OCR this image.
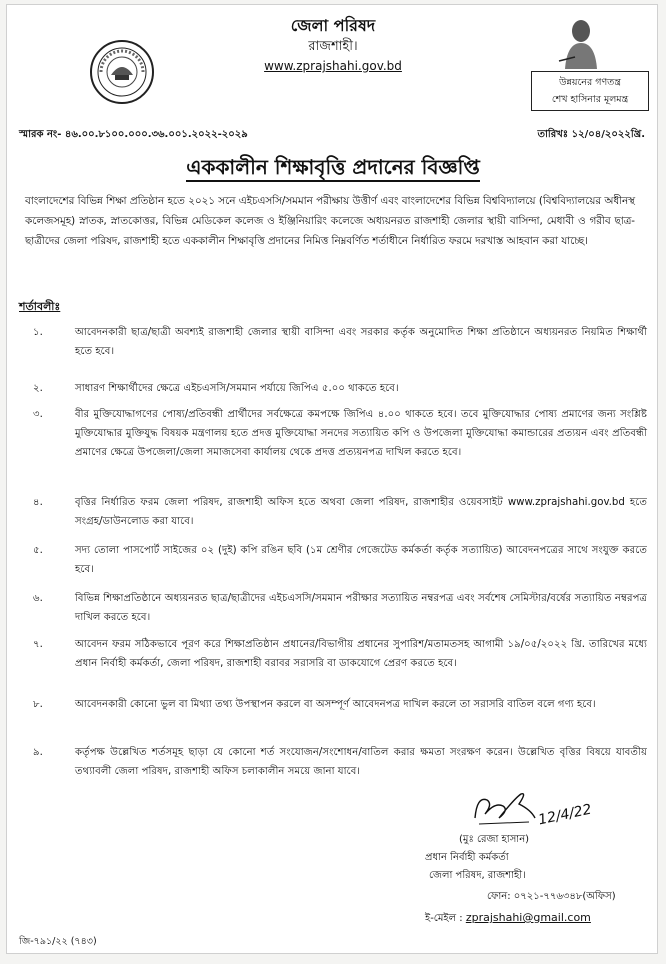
জেলা পরিষদ
রাজশাহী।
www.zprajshahi.gov.bd
উন্নয়নের গণতন্ত্র
শেখ হাসিনার মূলমন্ত্র
স্মারক নং- ৪৬.০০.৮১০০.০০০.৩৬.০০১.২০২২-২০২৯	তারিখঃ ১২/০৪/২০২২খ্রি.
এককালীন শিক্ষাবৃত্তি প্রদানের বিজ্ঞপ্তি
বাংলাদেশের বিভিন্ন শিক্ষা প্রতিষ্ঠান হতে ২০২১ সনে এইচএসসি/সমমান পরীক্ষায় উত্তীর্ণ এবং বাংলাদেশের বিভিন্ন বিশ্ববিদ্যালয়ে (বিশ্ববিদ্যালয়ের অধীনস্থ কলেজসমূহ) স্নাতক, স্নাতকোত্তর, বিভিন্ন মেডিকেল কলেজ ও ইঞ্জিনিয়ারিং কলেজে অধ্যয়নরত রাজশাহী জেলার স্থায়ী বাসিন্দা, মেধাবী ও গরীব ছাত্র-ছাত্রীদের জেলা পরিষদ, রাজশাহী হতে এককালীন শিক্ষাবৃত্তি প্রদানের নিমিত্ত নিম্নবর্ণিত শর্তাধীনে নির্ধারিত ফরমে দরখাস্ত আহবান করা যাচ্ছে।
শর্তাবলীঃ
১.	আবেদনকারী ছাত্র/ছাত্রী অবশ্যই রাজশাহী জেলার স্থায়ী বাসিন্দা এবং সরকার কর্তৃক অনুমোদিত শিক্ষা প্রতিষ্ঠানে অধ্যয়নরত নিয়মিত শিক্ষার্থী হতে হবে।
২.	সাধারণ শিক্ষার্থীদের ক্ষেত্রে এইচএসসি/সমমান পর্যায়ে জিপিএ ৫.০০ থাকতে হবে।
৩.	বীর মুক্তিযোদ্ধাগণের পোষ্য/প্রতিবন্ধী প্রার্থীদের সর্বক্ষেত্রে কমপক্ষে জিপিএ ৪.০০ থাকতে হবে। তবে মুক্তিযোদ্ধার পোষ্য প্রমাণের জন্য সংশ্লিষ্ট মুক্তিযোদ্ধার মুক্তিযুদ্ধ বিষয়ক মন্ত্রণালয় হতে প্রদত্ত মুক্তিযোদ্ধা সনদের সত্যায়িত কপি ও উপজেলা মুক্তিযোদ্ধা কমান্ডারের প্রত্যয়ন এবং প্রতিবন্ধী প্রমাণের ক্ষেত্রে উপজেলা/জেলা সমাজসেবা কার্যালয় থেকে প্রদত্ত প্রত্যয়নপত্র দাখিল করতে হবে।
৪.	বৃত্তির নির্ধারিত ফরম জেলা পরিষদ, রাজশাহী অফিস হতে অথবা জেলা পরিষদ, রাজশাহীর ওয়েবসাইট www.zprajshahi.gov.bd হতে সংগ্রহ/ডাউনলোড করা যাবে।
৫.	সদ্য তোলা পাসপোর্ট সাইজের ০২ (দুই) কপি রঙিন ছবি (১ম শ্রেণীর গেজেটেড কর্মকর্তা কর্তৃক সত্যায়িত) আবেদনপত্রের সাথে সংযুক্ত করতে হবে।
৬.	বিভিন্ন শিক্ষাপ্রতিষ্ঠানে অধ্যয়নরত ছাত্র/ছাত্রীদের এইচএসসি/সমমান পরীক্ষার সত্যায়িত নম্বরপত্র এবং সর্বশেষ সেমিস্টার/বর্ষের সত্যায়িত নম্বরপত্র দাখিল করতে হবে।
৭.	আবেদন ফরম সঠিকভাবে পূরণ করে শিক্ষাপ্রতিষ্ঠান প্রধানের/বিভাগীয় প্রধানের সুপারিশ/মতামতসহ আগামী ১৯/০৫/২০২২ খ্রি. তারিখের মধ্যে প্রধান নির্বাহী কর্মকর্তা, জেলা পরিষদ, রাজশাহী বরাবর সরাসরি বা ডাকযোগে প্রেরণ করতে হবে।
৮.	আবেদনকারী কোনো ভুল বা মিথ্যা তথ্য উপস্থাপন করলে বা অসম্পূর্ণ আবেদনপত্র দাখিল করলে তা সরাসরি বাতিল বলে গণ্য হবে।
৯.	কর্তৃপক্ষ উল্লেখিত শর্তসমূহ ছাড়া যে কোনো শর্ত সংযোজন/সংশোধন/বাতিল করার ক্ষমতা সংরক্ষণ করেন। উল্লেখিত বৃত্তির বিষয়ে যাবতীয় তথ্যাবলী জেলা পরিষদ, রাজশাহী অফিস চলাকালীন সময়ে জানা যাবে।
12/4/22
(মুঃ রেজা হাসান)
প্রধান নির্বাহী কর্মকর্তা
জেলা পরিষদ, রাজশাহী।
ফোন: ০৭২১-৭৭৬৩৪৮(অফিস)
ই-মেইল : zprajshahi@gmail.com
জি-৭৯১/২২ (৭৪৩)
